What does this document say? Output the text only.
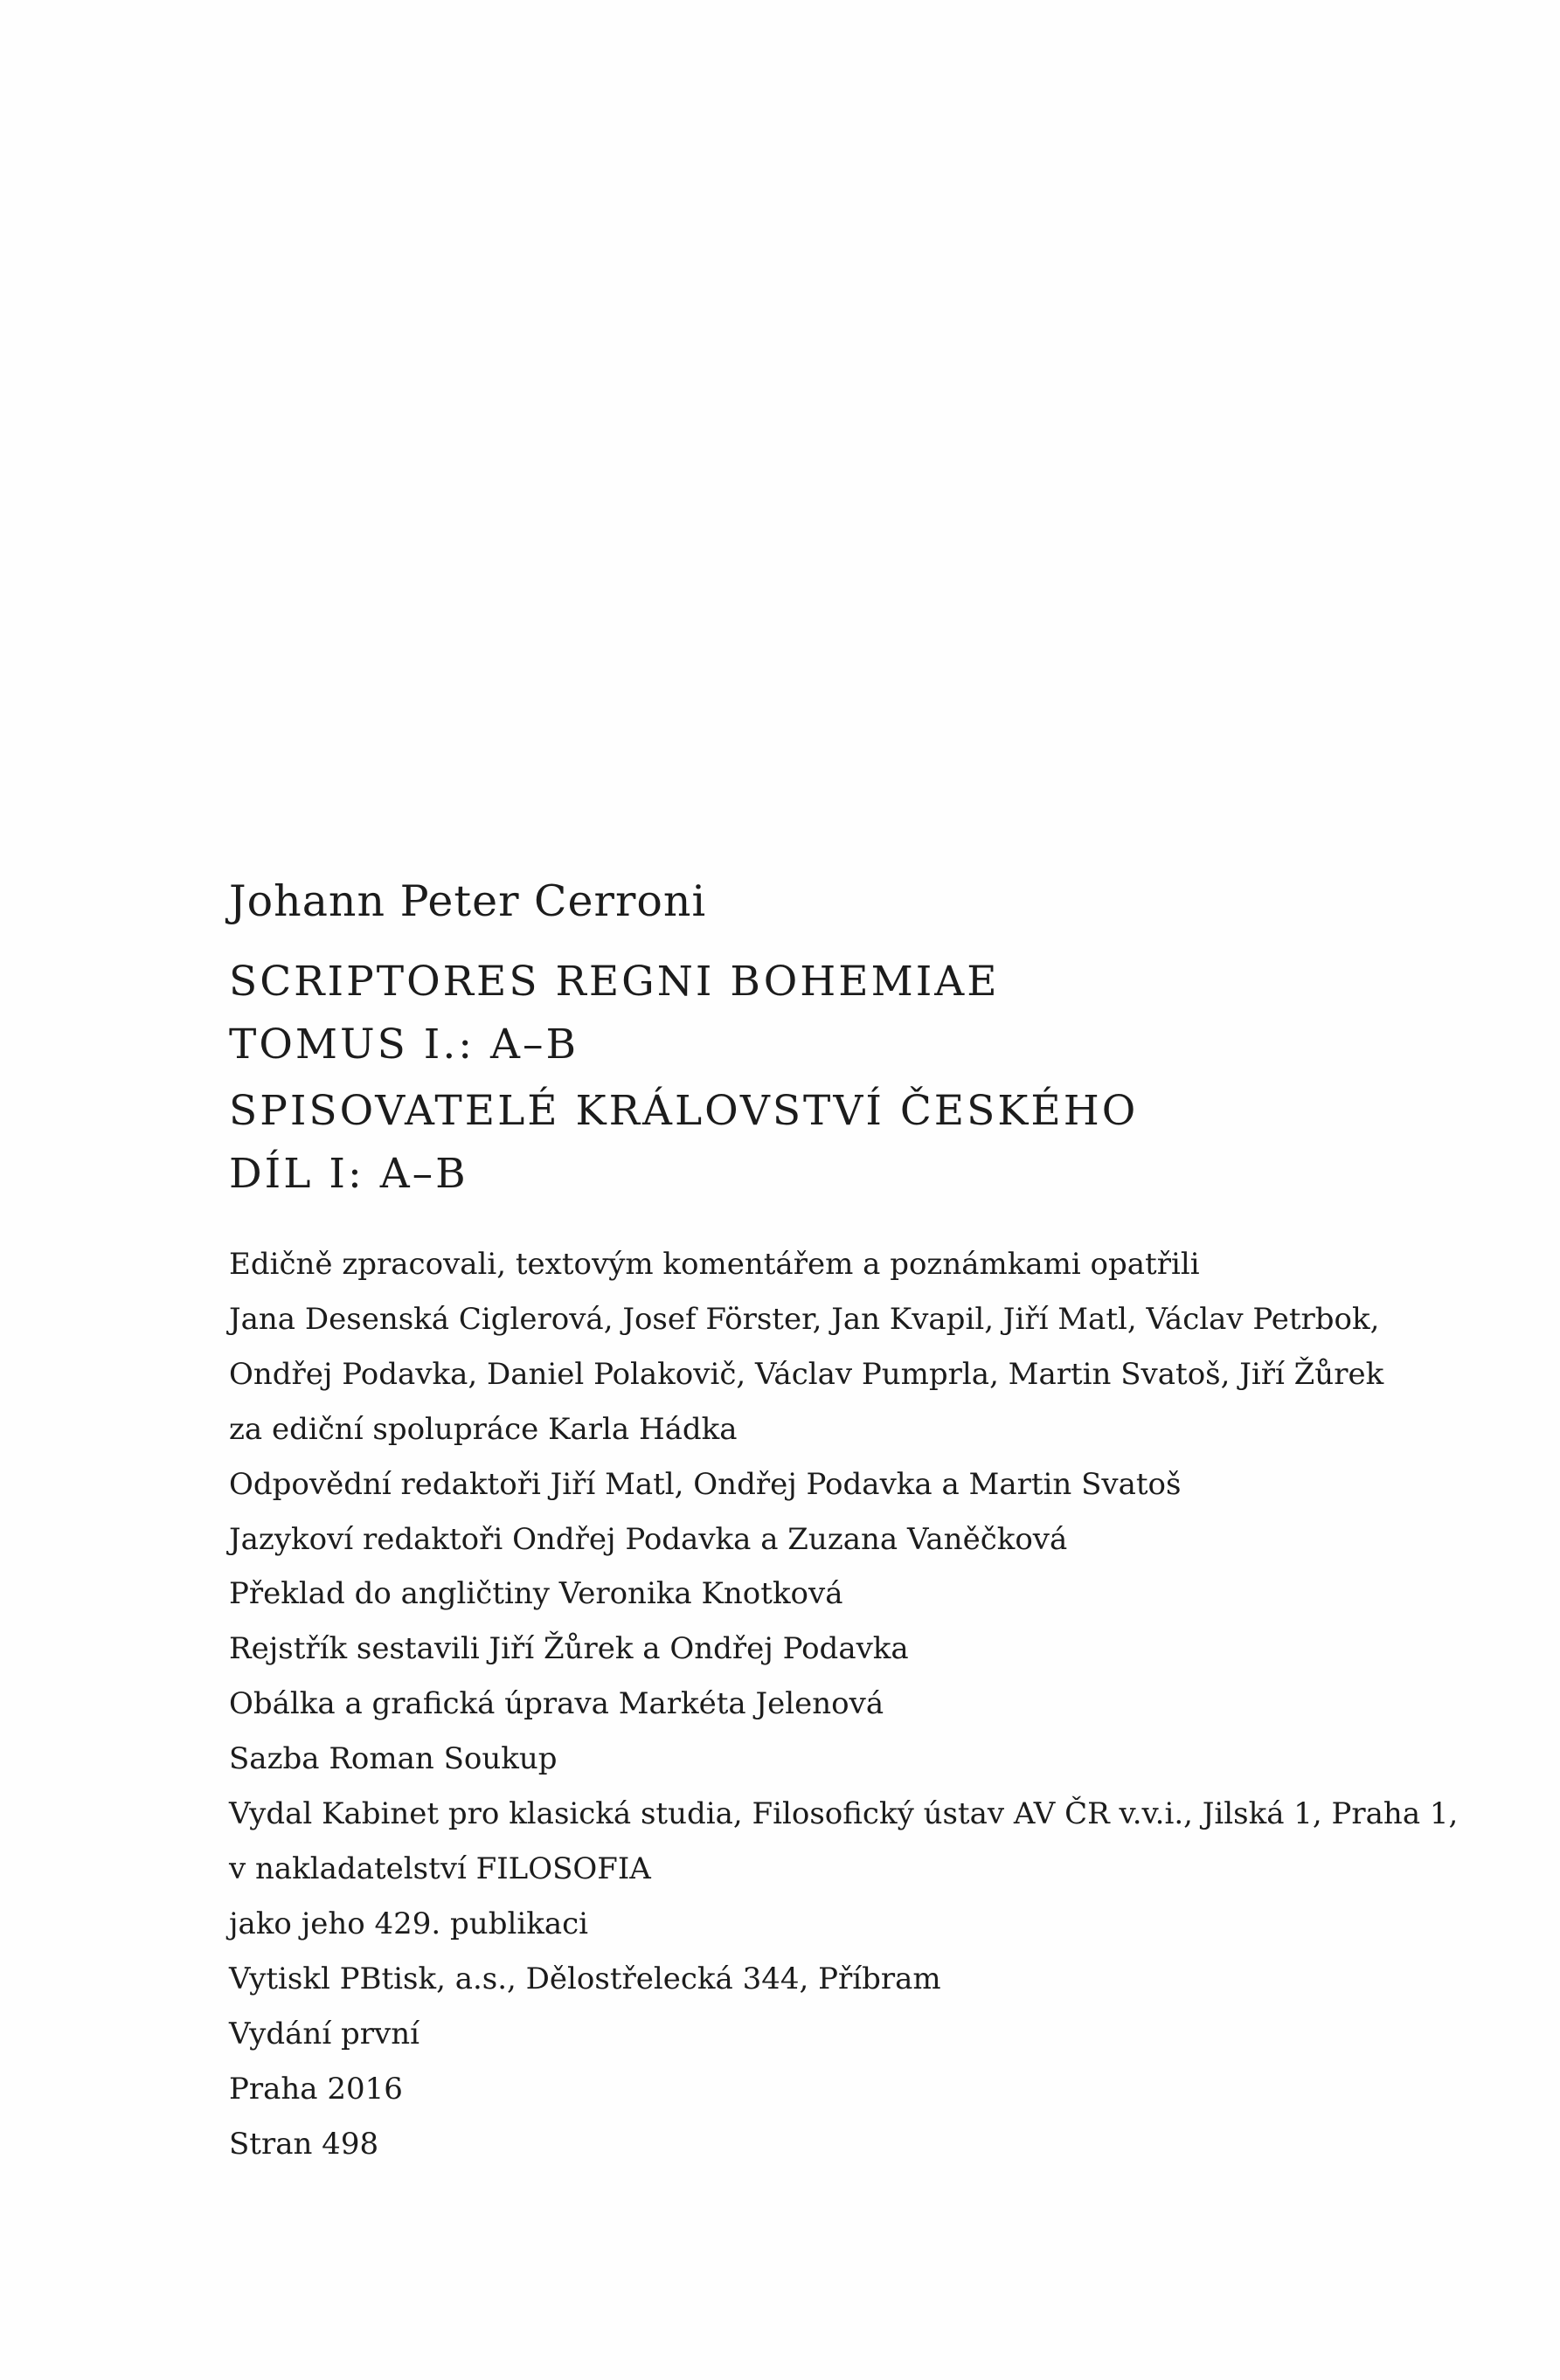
Johann Peter Cerroni
SCRIPTORES REGNI BOHEMIAE
TOMUS I.: A–B
SPISOVATELÉ KRÁLOVSTVÍ ČESKÉHO
DÍL I: A–B
Edičně zpracovali, textovým komentářem a poznámkami opatřili
Jana Desenská Ciglerová, Josef Förster, Jan Kvapil, Jiří Matl, Václav Petrbok,
Ondřej Podavka, Daniel Polakovič, Václav Pumprla, Martin Svatoš, Jiří Žůrek
za ediční spolupráce Karla Hádka
Odpovědní redaktoři Jiří Matl, Ondřej Podavka a Martin Svatoš
Jazykoví redaktoři Ondřej Podavka a Zuzana Vaněčková
Překlad do angličtiny Veronika Knotková
Rejstřík sestavili Jiří Žůrek a Ondřej Podavka
Obálka a grafická úprava Markéta Jelenová
Sazba Roman Soukup
Vydal Kabinet pro klasická studia, Filosofický ústav AV ČR v.v.i., Jilská 1, Praha 1,
v nakladatelství FILOSOFIA
jako jeho 429. publikaci
Vytiskl PBtisk, a.s., Dělostřelecká 344, Příbram
Vydání první
Praha 2016
Stran 498
